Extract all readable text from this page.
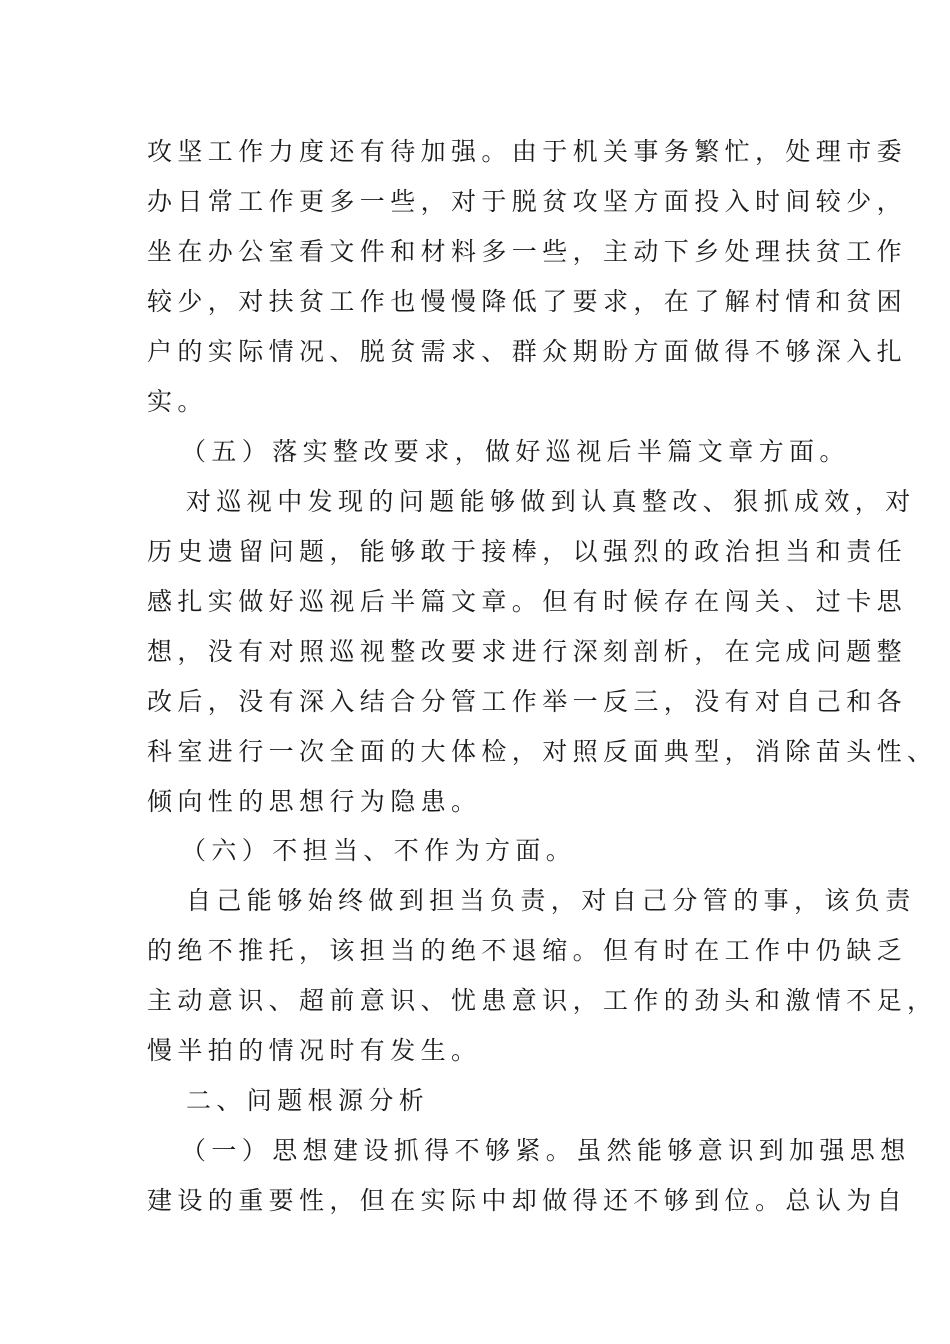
攻坚工作力度还有待加强。由于机关事务繁忙，处理市委
办日常工作更多一些，对于脱贫攻坚方面投入时间较少，
坐在办公室看文件和材料多一些，主动下乡处理扶贫工作
较少，对扶贫工作也慢慢降低了要求，在了解村情和贫困
户的实际情况、脱贫需求、群众期盼方面做得不够深入扎
实。
（五）落实整改要求，做好巡视后半篇文章方面。
对巡视中发现的问题能够做到认真整改、狠抓成效，对
历史遗留问题，能够敢于接棒，以强烈的政治担当和责任
感扎实做好巡视后半篇文章。但有时候存在闯关、过卡思
想，没有对照巡视整改要求进行深刻剖析，在完成问题整
改后，没有深入结合分管工作举一反三，没有对自己和各
科室进行一次全面的大体检，对照反面典型，消除苗头性、
倾向性的思想行为隐患。
（六）不担当、不作为方面。
自己能够始终做到担当负责，对自己分管的事，该负责
的绝不推托，该担当的绝不退缩。但有时在工作中仍缺乏
主动意识、超前意识、忧患意识，工作的劲头和激情不足，
慢半拍的情况时有发生。
二、问题根源分析
（一）思想建设抓得不够紧。虽然能够意识到加强思想
建设的重要性，但在实际中却做得还不够到位。总认为自
